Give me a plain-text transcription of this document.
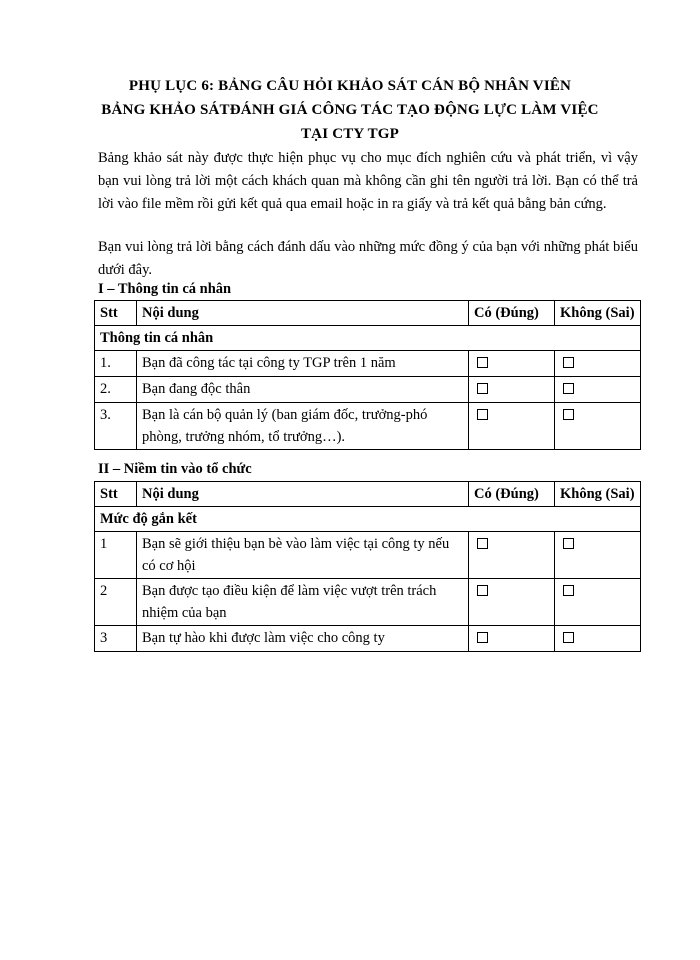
PHỤ LỤC 6: BẢNG CÂU HỎI KHẢO SÁT CÁN BỘ NHÂN VIÊN
BẢNG KHẢO SÁTĐÁNH GIÁ CÔNG TÁC TẠO ĐỘNG LỰC LÀM VIỆC
TẠI CTY TGP
Bảng khảo sát này được thực hiện phục vụ cho mục đích nghiên cứu và phát triển, vì vậy bạn vui lòng trả lời một cách khách quan mà không cần ghi tên người trả lời. Bạn có thể trả lời vào file mềm rồi gửi kết quả qua email hoặc in ra giấy và trả kết quả bằng bản cứng.
Bạn vui lòng trả lời bằng cách đánh dấu vào những mức đồng ý của bạn với những phát biểu dưới đây.
I – Thông tin cá nhân
Stt	Nội dung	Có (Đúng)	Không (Sai)
Thông tin cá nhân			
1.	Bạn đã công tác tại công ty TGP trên 1 năm		
2.	Bạn đang độc thân		
3.	Bạn là cán bộ quản lý (ban giám đốc, trưởng-phó phòng, trưởng nhóm, tổ trưởng…).		
II – Niềm tin vào tổ chức
Stt	Nội dung	Có (Đúng)	Không (Sai)
Mức độ gắn kết			
1	Bạn sẽ giới thiệu bạn bè vào làm việc tại công ty nếu có cơ hội		
2	Bạn được tạo điều kiện để làm việc vượt trên trách nhiệm của bạn		
3	Bạn tự hào khi được làm việc cho công ty		
